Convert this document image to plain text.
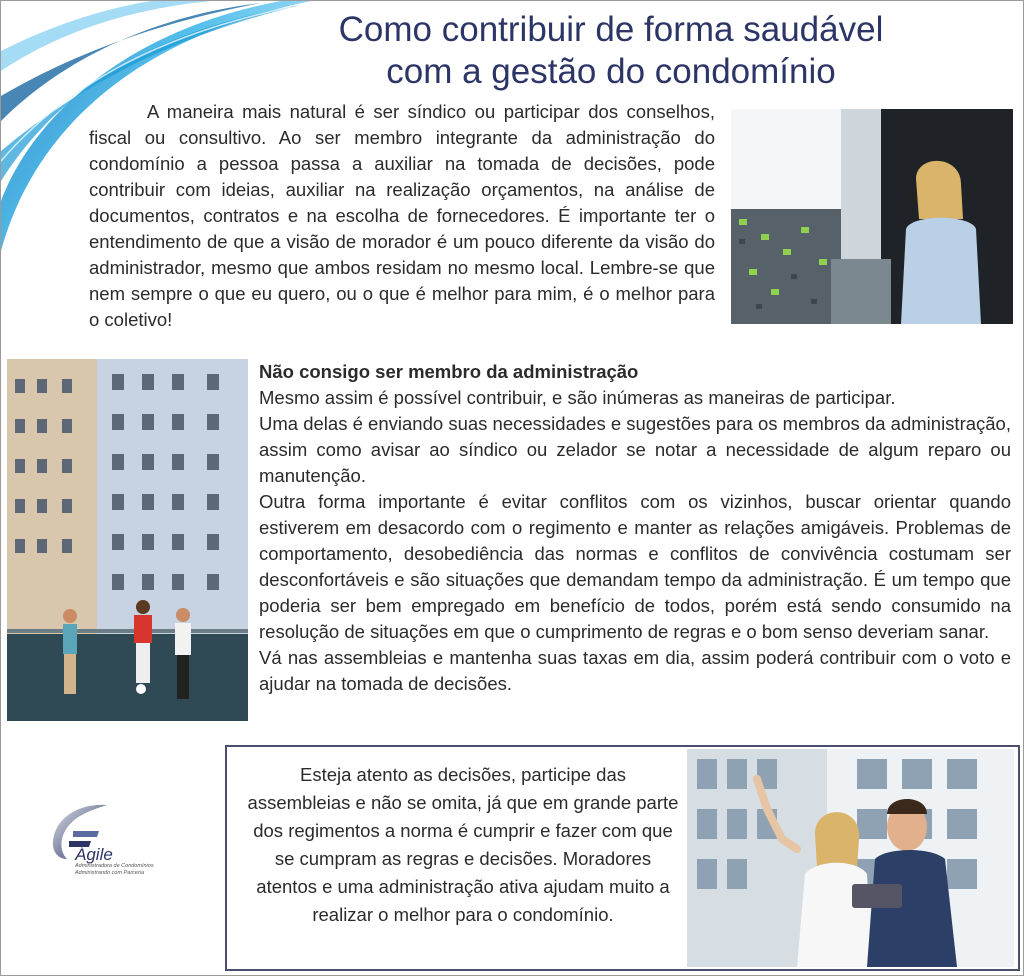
Como contribuir de forma saudável
com a gestão do condomínio

A maneira mais natural é ser síndico ou participar dos conselhos, fiscal ou consultivo. Ao ser membro integrante da administração do condomínio a pessoa passa a auxiliar na tomada de decisões, pode contribuir com ideias, auxiliar na realização orçamentos, na análise de documentos, contratos e na escolha de fornecedores. É importante ter o entendimento de que a visão de morador é um pouco diferente da visão do administrador, mesmo que ambos residam no mesmo local. Lembre-se que nem sempre o que eu quero, ou o que é melhor para mim, é o melhor para o coletivo!

Não consigo ser membro da administração

Mesmo assim é possível contribuir, e são inúmeras as maneiras de participar.

Uma delas é enviando suas necessidades e sugestões para os membros da administração, assim como avisar ao síndico ou zelador se notar a necessidade de algum reparo ou manutenção.

Outra forma importante é evitar conflitos com os vizinhos, buscar orientar quando estiverem em desacordo com o regimento e manter as relações amigáveis. Problemas de comportamento, desobediência das normas e conflitos de convivência costumam ser desconfortáveis e são situações que demandam tempo da administração. É um tempo que poderia ser bem empregado em benefício de todos, porém está sendo consumido na resolução de situações em que o cumprimento de regras e o bom senso deveriam sanar.

Vá nas assembleias e mantenha suas taxas em dia, assim poderá contribuir com o voto e ajudar na tomada de decisões.

Ágile
Administradora de Condomínios
Administrando com Parceria

Esteja atento as decisões, participe das assembleias e não se omita, já que em grande parte dos regimentos a norma é cumprir e fazer com que se cumpram as regras e decisões. Moradores atentos e uma administração ativa ajudam muito a realizar o melhor para o condomínio.
